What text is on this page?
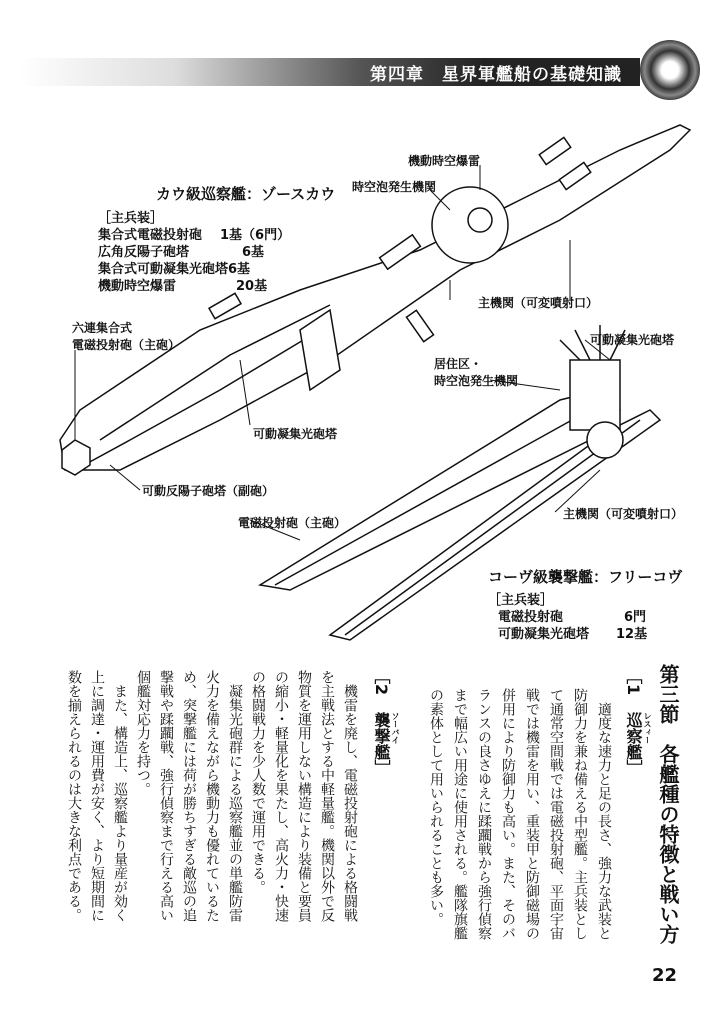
第四章　星界軍艦船の基礎知識
カウ級巡察艦：ゾースカウ
［主兵装］
集合式電磁投射砲	1基（6門）
広角反陽子砲塔	6基
集合式可動凝集光砲塔 6基
機動時空爆雷	20基
機動時空爆雷
時空泡発生機関
主機関（可変噴射口）
六連集合式
電磁投射砲（主砲）
可動凝集光砲塔
可動反陽子砲塔（副砲）
可動凝集光砲塔
居住区・
時空泡発生機関
主機関（可変噴射口）
電磁投射砲（主砲）
コーヴ級襲撃艦：フリーコヴ
［主兵装］
電磁投射砲	6門
可動凝集光砲塔	12基
第三節　各艦種の特徴と戦い方
［1
巡察艦］ レスィー
　適度な速力と足の長さ、強力な武装と
防御力を兼ね備える中型艦。主兵装とし
て通常空間戦では電磁投射砲、平面宇宙
戦では機雷を用い、重装甲と防御磁場の
併用により防御力も高い。また、そのバ
ランスの良さゆえに蹂躙戦から強行偵察
まで幅広い用途に使用される。艦隊旗艦
の素体として用いられることも多い。
［2
襲撃艦］ ソーバイ
　機雷を廃し、電磁投射砲による格闘戦
を主戦法とする中軽量艦。機関以外で反
物質を運用しない構造により装備と要員
の縮小・軽量化を果たし、高火力・快速
の格闘戦力を少人数で運用できる。
　凝集光砲群による巡察艦並の単艦防雷
火力を備えながら機動力も優れているた
め、突撃艦には荷が勝ちすぎる敵巡の追
撃戦や蹂躙戦、強行偵察まで行える高い
個艦対応力を持つ。
　また、構造上、巡察艦より量産が効く
上に調達・運用費が安く、より短期間に
数を揃えられるのは大きな利点である。
22
